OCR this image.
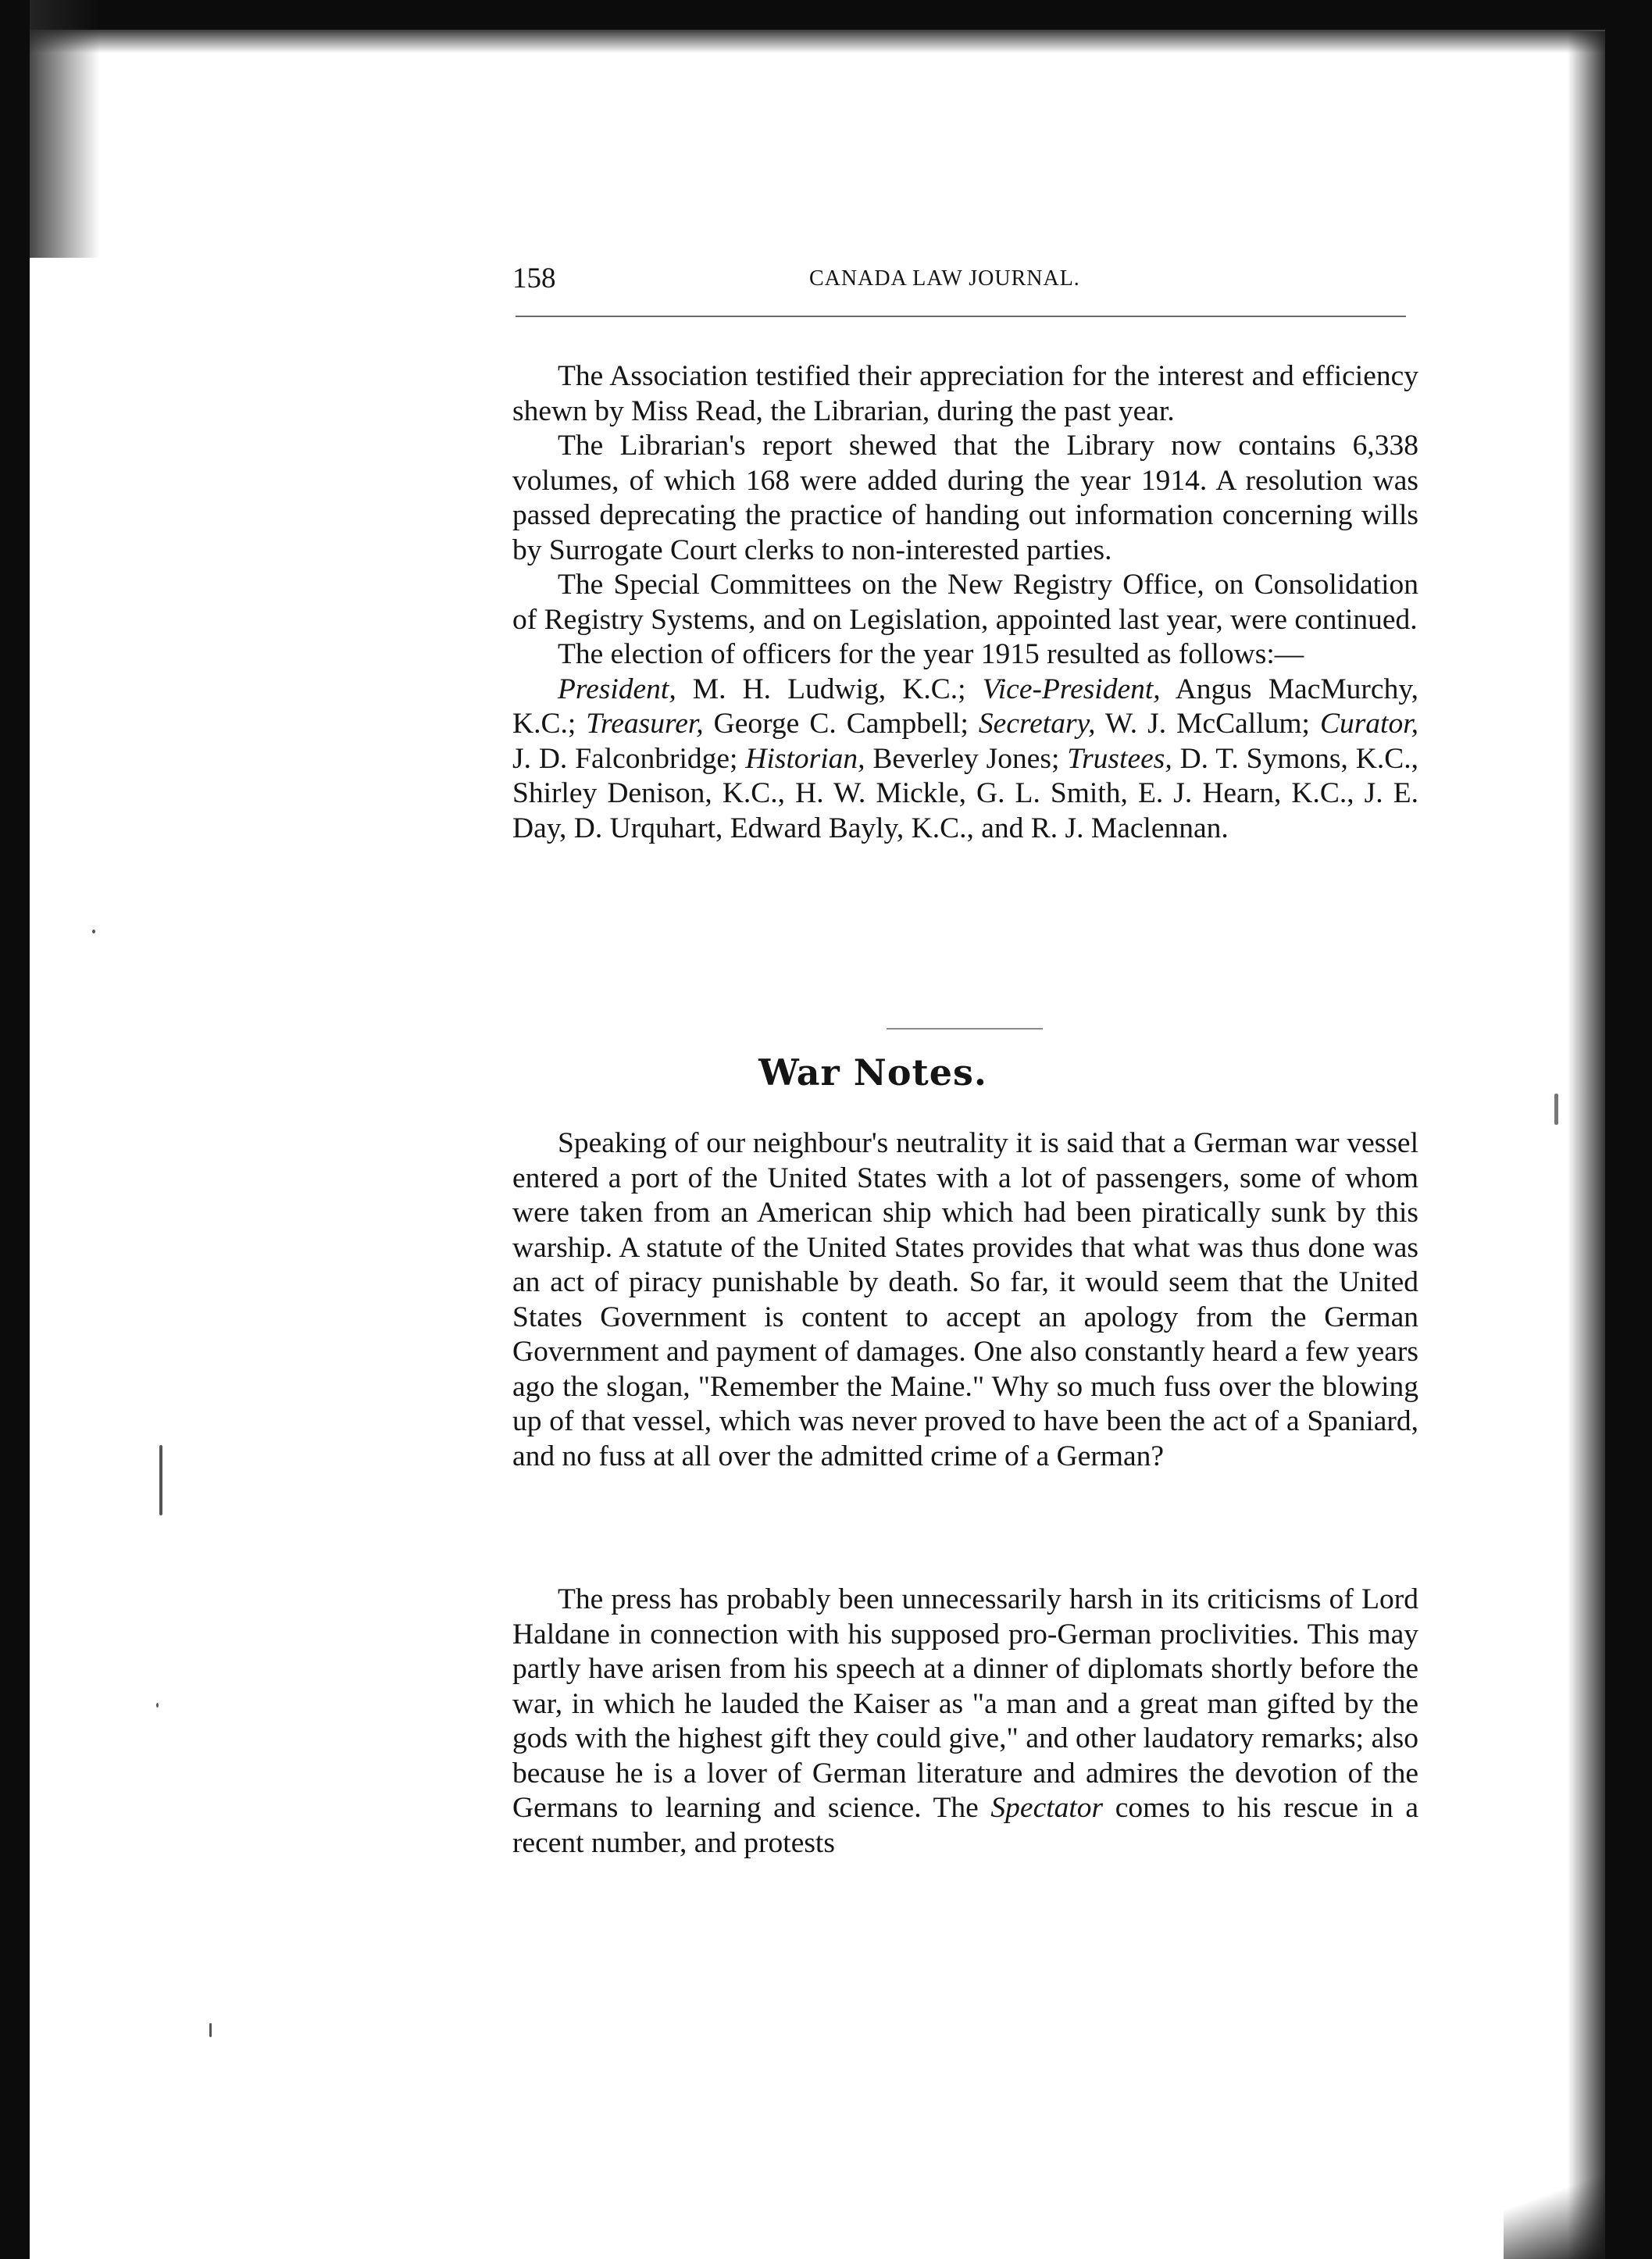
158	CANADA LAW JOURNAL.

The Association testified their appreciation for the interest and efficiency shewn by Miss Read, the Librarian, during the past year.

The Librarian's report shewed that the Library now contains 6,338 volumes, of which 168 were added during the year 1914. A resolution was passed deprecating the practice of handing out information concerning wills by Surrogate Court clerks to non-interested parties.

The Special Committees on the New Registry Office, on Consolidation of Registry Systems, and on Legislation, appointed last year, were continued.

The election of officers for the year 1915 resulted as follows:—

President, M. H. Ludwig, K.C.; Vice-President, Angus MacMurchy, K.C.; Treasurer, George C. Campbell; Secretary, W. J. McCallum; Curator, J. D. Falconbridge; Historian, Beverley Jones; Trustees, D. T. Symons, K.C., Shirley Denison, K.C., H. W. Mickle, G. L. Smith, E. J. Hearn, K.C., J. E. Day, D. Urquhart, Edward Bayly, K.C., and R. J. Maclennan.

War Notes.

Speaking of our neighbour's neutrality it is said that a German war vessel entered a port of the United States with a lot of passengers, some of whom were taken from an American ship which had been piratically sunk by this warship. A statute of the United States provides that what was thus done was an act of piracy punishable by death. So far, it would seem that the United States Government is content to accept an apology from the German Government and payment of damages. One also constantly heard a few years ago the slogan, "Remember the Maine." Why so much fuss over the blowing up of that vessel, which was never proved to have been the act of a Spaniard, and no fuss at all over the admitted crime of a German?

The press has probably been unnecessarily harsh in its criticisms of Lord Haldane in connection with his supposed pro-German proclivities. This may partly have arisen from his speech at a dinner of diplomats shortly before the war, in which he lauded the Kaiser as "a man and a great man gifted by the gods with the highest gift they could give," and other laudatory remarks; also because he is a lover of German literature and admires the devotion of the Germans to learning and science. The Spectator comes to his rescue in a recent number, and protests
